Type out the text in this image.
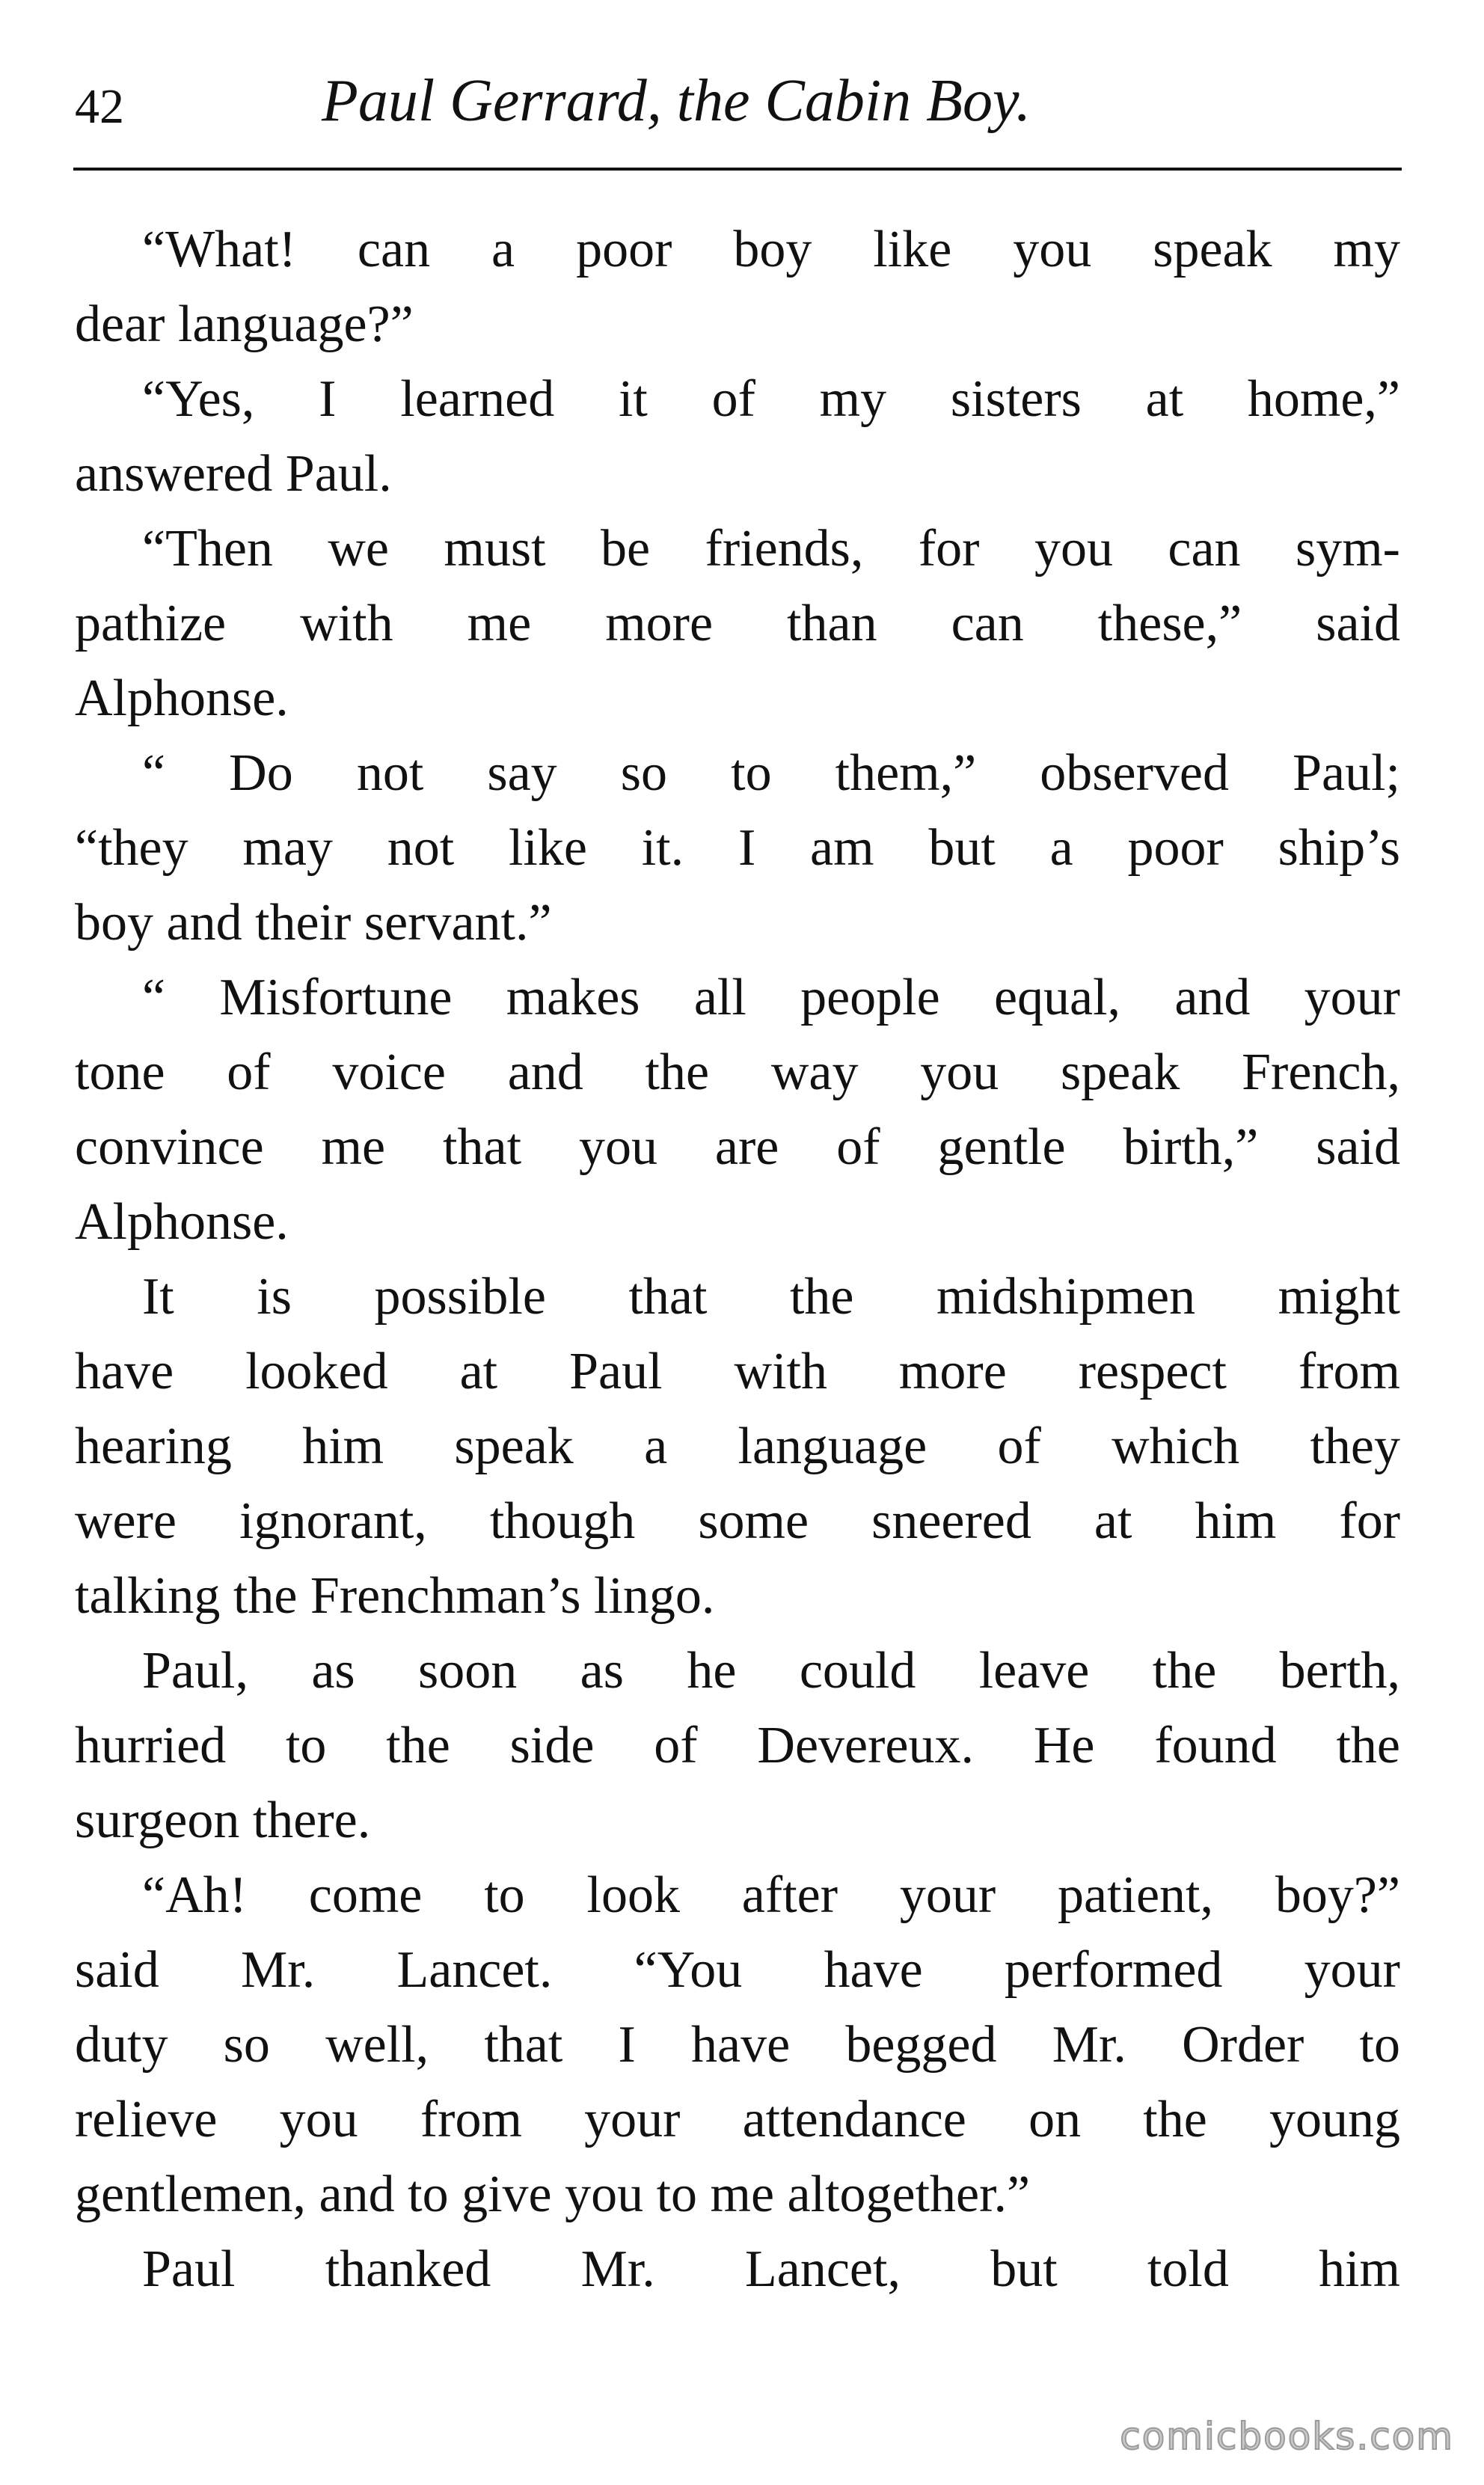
42	Paul Gerrard, the Cabin Boy.
“What! can a poor boy like you speak my
dear language?”
“Yes, I learned it of my sisters at home,”
answered Paul.
“Then we must be friends, for you can sym-
pathize with me more than can these,” said
Alphonse.
“ Do not say so to them,” observed Paul;
“they may not like it. I am but a poor ship’s
boy and their servant.”
“ Misfortune makes all people equal, and your
tone of voice and the way you speak French,
convince me that you are of gentle birth,” said
Alphonse.
It is possible that the midshipmen might
have looked at Paul with more respect from
hearing him speak a language of which they
were ignorant, though some sneered at him for
talking the Frenchman’s lingo.
Paul, as soon as he could leave the berth,
hurried to the side of Devereux. He found the
surgeon there.
“Ah! come to look after your patient, boy?”
said Mr. Lancet. “You have performed your
duty so well, that I have begged Mr. Order to
relieve you from your attendance on the young
gentlemen, and to give you to me altogether.”
Paul thanked Mr. Lancet, but told him
comicbooks.com
